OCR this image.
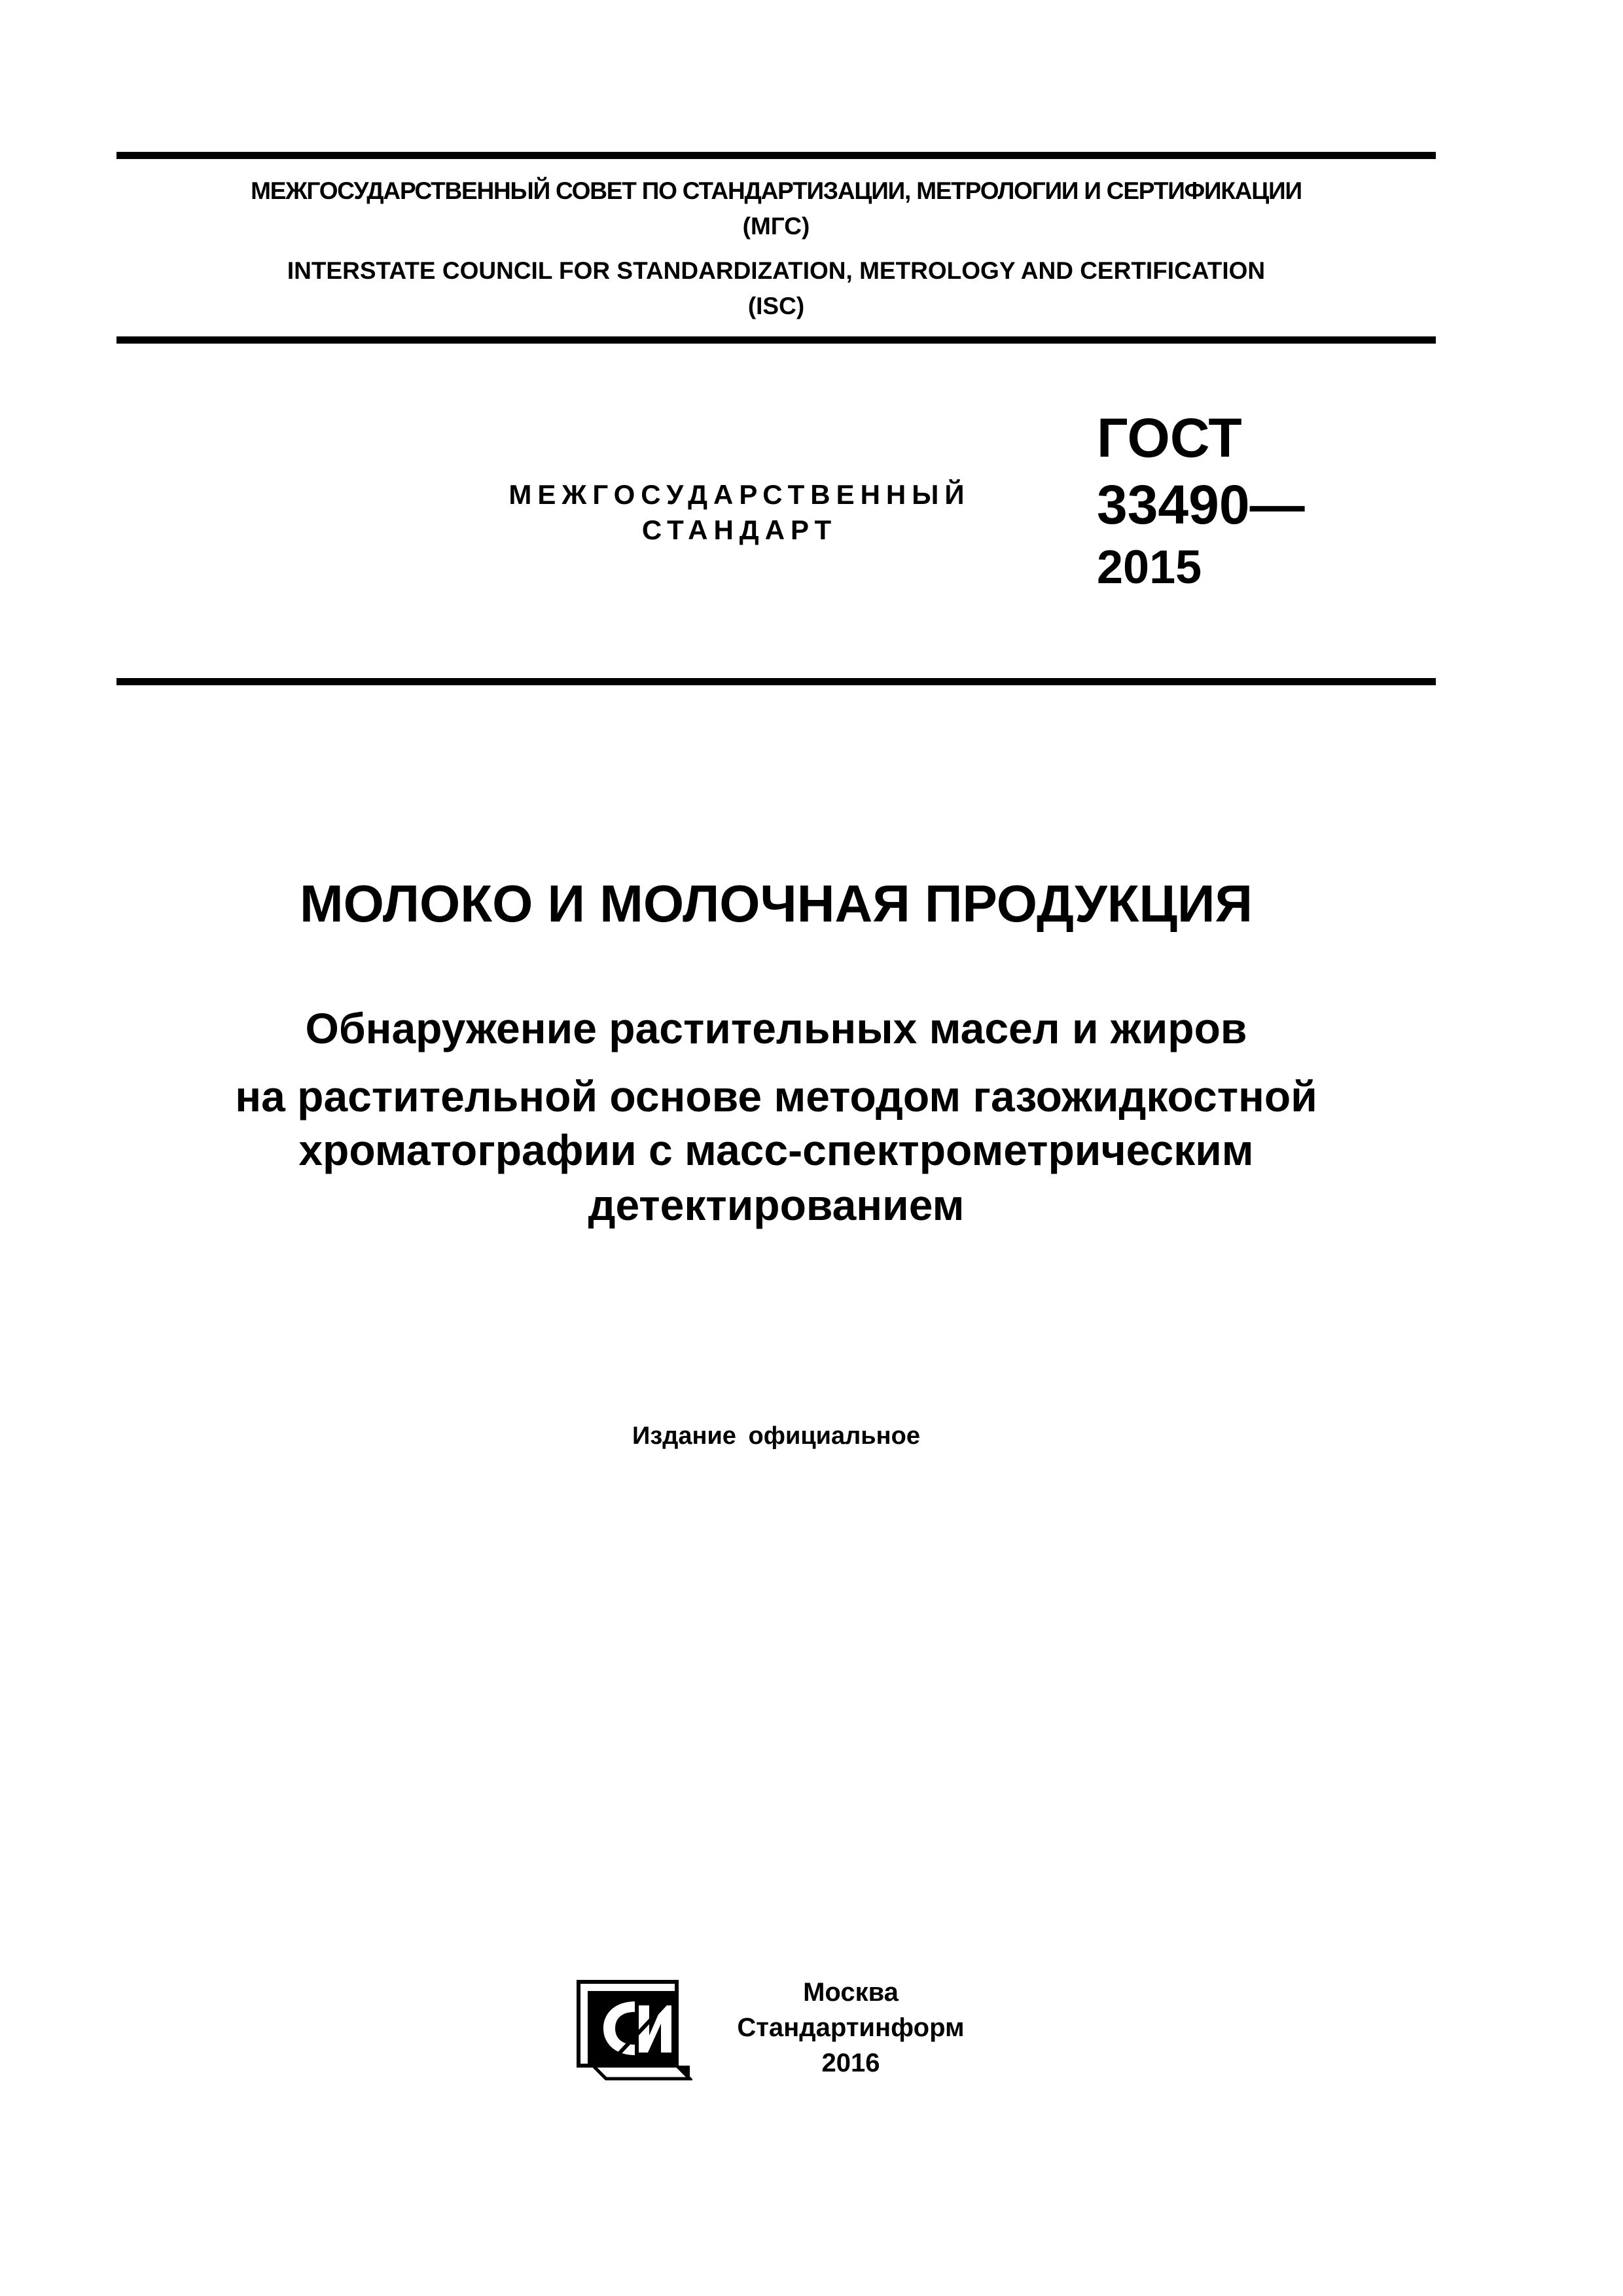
МЕЖГОСУДАРСТВЕННЫЙ СОВЕТ ПО СТАНДАРТИЗАЦИИ, МЕТРОЛОГИИ И СЕРТИФИКАЦИИ
(МГС)
INTERSTATE COUNCIL FOR STANDARDIZATION, METROLOGY AND CERTIFICATION
(ISC)
МЕЖГОСУДАРСТВЕННЫЙ
СТАНДАРТ
ГОСТ
33490—
2015
МОЛОКО И МОЛОЧНАЯ ПРОДУКЦИЯ
Обнаружение растительных масел и жиров
на растительной основе методом газожидкостной
хроматографии с масс-спектрометрическим
детектированием
Издание официальное
Москва
Стандартинформ
2016
